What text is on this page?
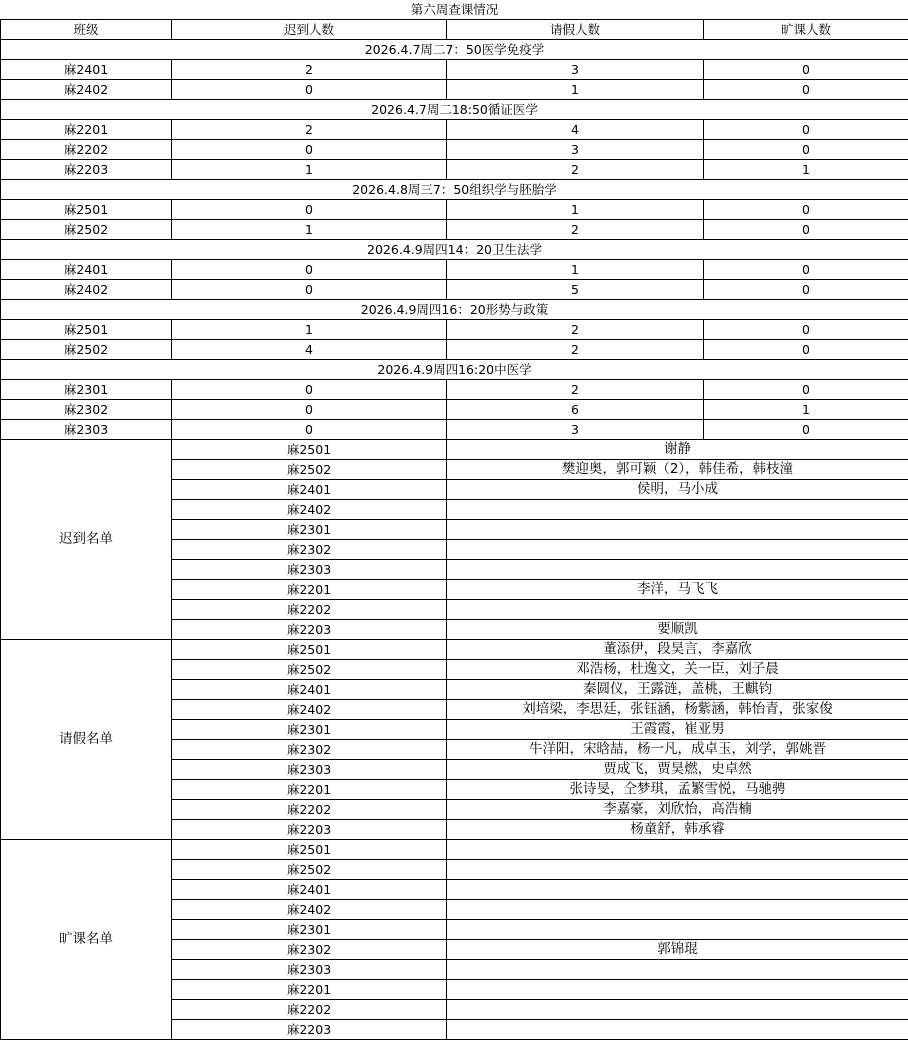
第六周查课情况			
班级	迟到人数	请假人数	旷课人数
2026.4.7周二7：50医学免疫学			
麻2401	2	3	0
麻2402	0	1	0
2026.4.7周二18:50循证医学			
麻2201	2	4	0
麻2202	0	3	0
麻2203	1	2	1
2026.4.8周三7：50组织学与胚胎学			
麻2501	0	1	0
麻2502	1	2	0
2026.4.9周四14：20卫生法学			
麻2401	0	1	0
麻2402	0	5	0
2026.4.9周四16：20形势与政策			
麻2501	1	2	0
麻2502	4	2	0
2026.4.9周四16:20中医学			
麻2301	0	2	0
麻2302	0	6	1
麻2303	0	3	0
迟到名单	麻2501	谢静	
	麻2502	樊迎奥，郭可颖（2），韩佳希，韩枝潼	
	麻2401	侯明，马小成	
	麻2402		
	麻2301		
	麻2302		
	麻2303		
	麻2201	李洋，马飞飞	
	麻2202		
	麻2203	要顺凯	
请假名单	麻2501	董添伊，段昊言，李嘉欣	
	麻2502	邓浩杨，杜逸文，关一臣，刘子晨	
	麻2401	秦圆仪，王露涟，盖桃，王麒钧	
	麻2402	刘培梁，李思廷，张钰涵，杨紫涵，韩怡青，张家俊	
	麻2301	王霞霞，崔亚男	
	麻2302	牛洋阳，宋晗喆，杨一凡，成卓玉，刘学，郭姚晋	
	麻2303	贾成飞，贾昊燃，史卓然	
	麻2201	张诗旻，仝梦琪，孟繁雪悦，马驰骋	
	麻2202	李嘉豪，刘欣怡，高浩楠	
	麻2203	杨童舒，韩承睿	
旷课名单	麻2501		
	麻2502		
	麻2401		
	麻2402		
	麻2301		
	麻2302	郭锦琨	
	麻2303		
	麻2201		
	麻2202		
	麻2203		
